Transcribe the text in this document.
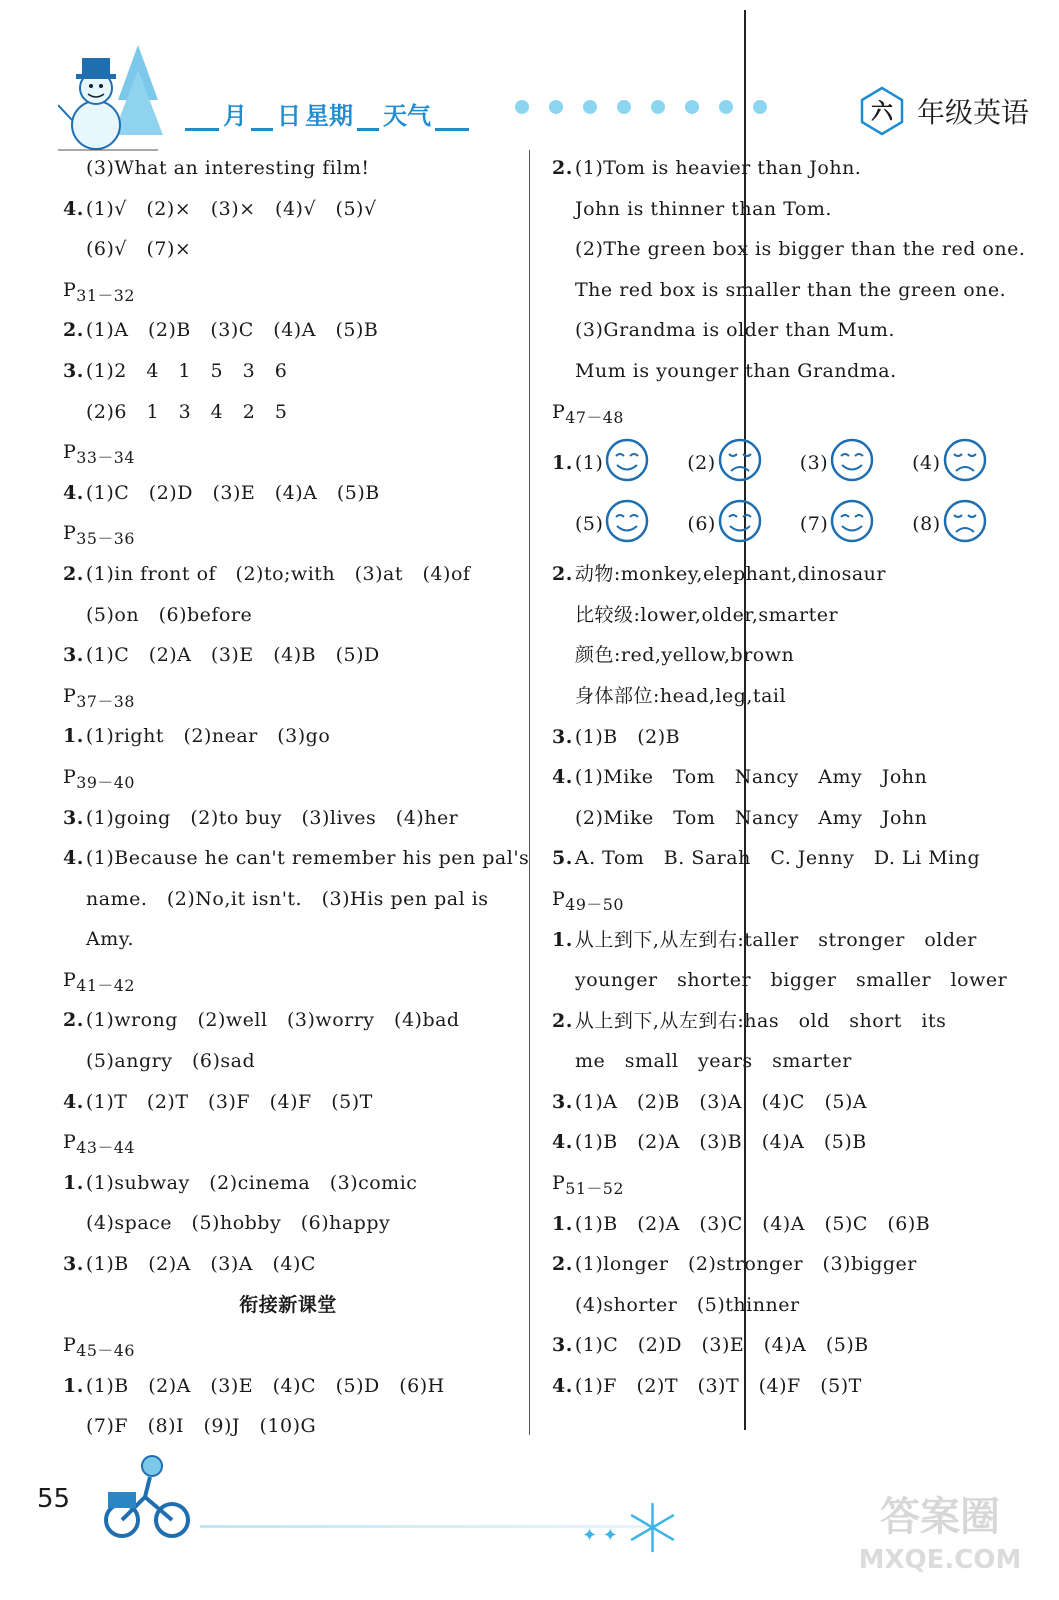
月 日 星期 天气	六 年级英语
(3)What an interesting film!
4. (1)√　(2)×　(3)×　(4)√　(5)√
(6)√　(7)×
$P_{31-32}$
2. (1)A　(2)B　(3)C　(4)A　(5)B
3. (1)2　4　1　5　3　6
(2)6　1　3　4　2　5
$P_{33-34}$
4. (1)C　(2)D　(3)E　(4)A　(5)B
$P_{35-36}$
2. (1)in front of　(2)to;with　(3)at　(4)of
(5)on　(6)before
3. (1)C　(2)A　(3)E　(4)B　(5)D
$P_{37-38}$
1. (1)right　(2)near　(3)go
$P_{39-40}$
3. (1)going　(2)to buy　(3)lives　(4)her
4. (1)Because he can't remember his pen pal's
name.　(2)No,it isn't.　(3)His pen pal is
Amy.
$P_{41-42}$
2. (1)wrong　(2)well　(3)worry　(4)bad
(5)angry　(6)sad
4. (1)T　(2)T　(3)F　(4)F　(5)T
$P_{43-44}$
1. (1)subway　(2)cinema　(3)comic
(4)space　(5)hobby　(6)happy
3. (1)B　(2)A　(3)A　(4)C
衔接新课堂
$P_{45-46}$
1. (1)B　(2)A　(3)E　(4)C　(5)D　(6)H
(7)F　(8)I　(9)J　(10)G
2. (1)Tom is heavier than John.
John is thinner than Tom.
(2)The green box is bigger than the red one.
The red box is smaller than the green one.
(3)Grandma is older than Mum.
Mum is younger than Grandma.
$P_{47-48}$
1. (1)	(2)	(3)	(4)
(5)	(6)	(7)	(8)
2. 动物:monkey,elephant,dinosaur
比较级:lower,older,smarter
颜色:red,yellow,brown
身体部位:head,leg,tail
3. (1)B　(2)B
4. (1)Mike　Tom　Nancy　Amy　John
(2)Mike　Tom　Nancy　Amy　John
5. A. Tom　B. Sarah　C. Jenny　D. Li Ming
$P_{49-50}$
1. 从上到下,从左到右:taller　stronger　older
younger　shorter　bigger　smaller　lower
2. 从上到下,从左到右:has　old　short　its
me　small　years　smarter
3. (1)A　(2)B　(3)A　(4)C　(5)A
4. (1)B　(2)A　(3)B　(4)A　(5)B
$P_{51-52}$
1. (1)B　(2)A　(3)C　(4)A　(5)C　(6)B
2. (1)longer　(2)stronger　(3)bigger
(4)shorter　(5)thinner
3. (1)C　(2)D　(3)E　(4)A　(5)B
4. (1)F　(2)T　(3)T　(4)F　(5)T
55
✦ ✦	答案圈
MXQE.COM
